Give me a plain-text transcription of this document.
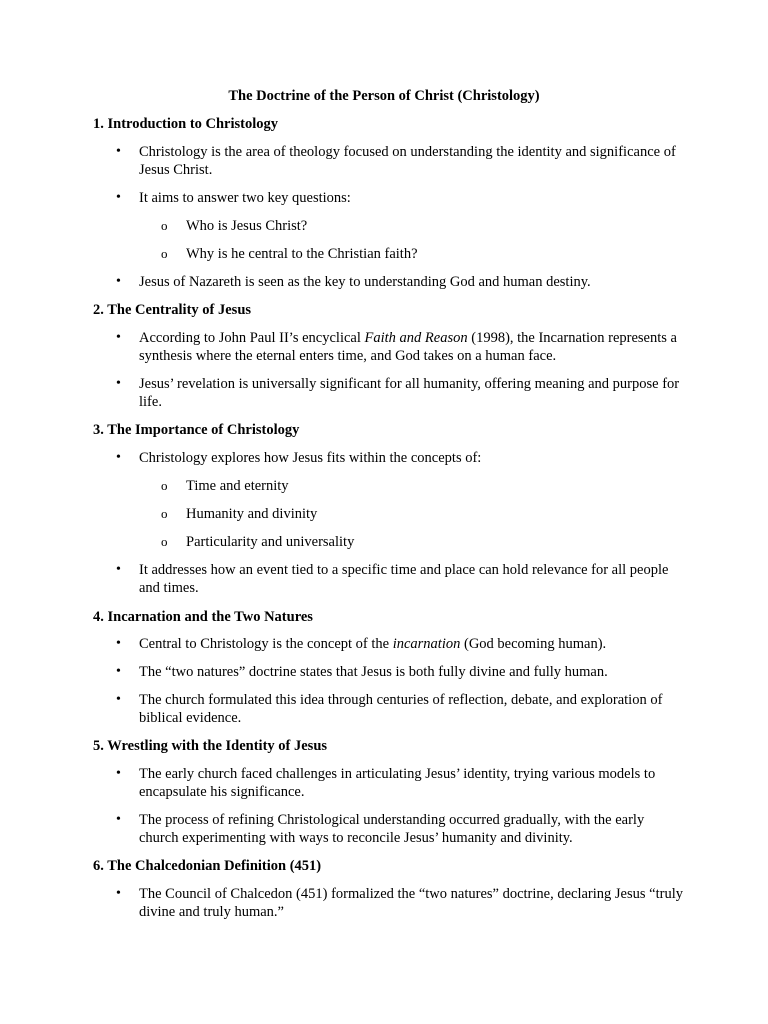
The Doctrine of the Person of Christ (Christology)
1. Introduction to Christology
• Christology is the area of theology focused on understanding the identity and significance of Jesus Christ.
• It aims to answer two key questions:
o Who is Jesus Christ?
o Why is he central to the Christian faith?
• Jesus of Nazareth is seen as the key to understanding God and human destiny.
2. The Centrality of Jesus
• According to John Paul II’s encyclical Faith and Reason (1998), the Incarnation represents a synthesis where the eternal enters time, and God takes on a human face.
• Jesus’ revelation is universally significant for all humanity, offering meaning and purpose for life.
3. The Importance of Christology
• Christology explores how Jesus fits within the concepts of:
o Time and eternity
o Humanity and divinity
o Particularity and universality
• It addresses how an event tied to a specific time and place can hold relevance for all people and times.
4. Incarnation and the Two Natures
• Central to Christology is the concept of the incarnation (God becoming human).
• The “two natures” doctrine states that Jesus is both fully divine and fully human.
• The church formulated this idea through centuries of reflection, debate, and exploration of biblical evidence.
5. Wrestling with the Identity of Jesus
• The early church faced challenges in articulating Jesus’ identity, trying various models to encapsulate his significance.
• The process of refining Christological understanding occurred gradually, with the early church experimenting with ways to reconcile Jesus’ humanity and divinity.
6. The Chalcedonian Definition (451)
• The Council of Chalcedon (451) formalized the “two natures” doctrine, declaring Jesus “truly divine and truly human.”
